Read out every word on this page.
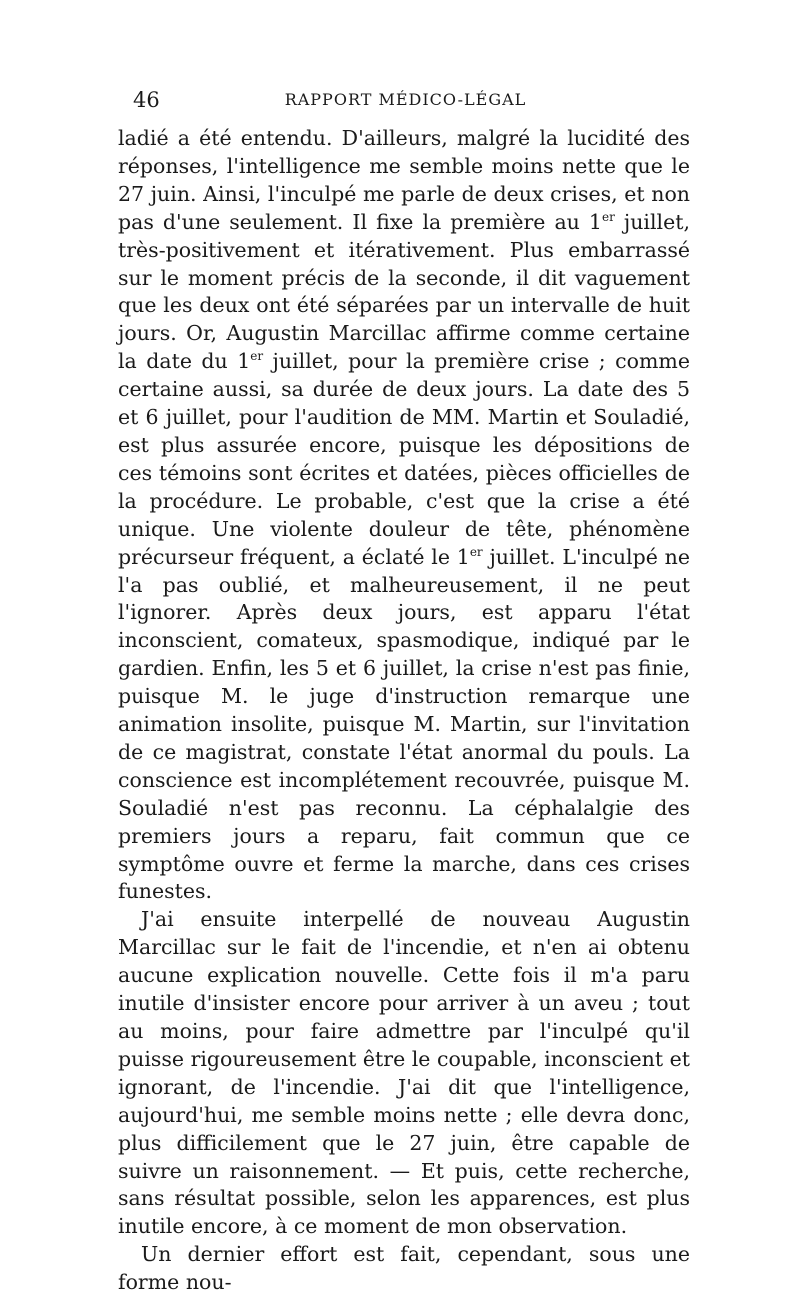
46	RAPPORT MÉDICO-LÉGAL

ladié a été entendu. D'ailleurs, malgré la lucidité des réponses, l'intelligence me semble moins nette que le 27 juin. Ainsi, l'inculpé me parle de deux crises, et non pas d'une seulement. Il fixe la première au 1er juillet, très-positivement et itérativement. Plus embarrassé sur le moment précis de la seconde, il dit vaguement que les deux ont été séparées par un intervalle de huit jours. Or, Augustin Marcillac affirme comme certaine la date du 1er juillet, pour la première crise ; comme certaine aussi, sa durée de deux jours. La date des 5 et 6 juillet, pour l'audition de MM. Martin et Souladié, est plus assurée encore, puisque les dépositions de ces témoins sont écrites et datées, pièces officielles de la procédure. Le probable, c'est que la crise a été unique. Une violente douleur de tête, phénomène précurseur fréquent, a éclaté le 1er juillet. L'inculpé ne l'a pas oublié, et malheureusement, il ne peut l'ignorer. Après deux jours, est apparu l'état inconscient, comateux, spasmodique, indiqué par le gardien. Enfin, les 5 et 6 juillet, la crise n'est pas finie, puisque M. le juge d'instruction remarque une animation insolite, puisque M. Martin, sur l'invitation de ce magistrat, constate l'état anormal du pouls. La conscience est incomplétement recouvrée, puisque M. Souladié n'est pas reconnu. La céphalalgie des premiers jours a reparu, fait commun que ce symptôme ouvre et ferme la marche, dans ces crises funestes.

J'ai ensuite interpellé de nouveau Augustin Marcillac sur le fait de l'incendie, et n'en ai obtenu aucune explication nouvelle. Cette fois il m'a paru inutile d'insister encore pour arriver à un aveu ; tout au moins, pour faire admettre par l'inculpé qu'il puisse rigoureusement être le coupable, inconscient et ignorant, de l'incendie. J'ai dit que l'intelligence, aujourd'hui, me semble moins nette ; elle devra donc, plus difficilement que le 27 juin, être capable de suivre un raisonnement. — Et puis, cette recherche, sans résultat possible, selon les apparences, est plus inutile encore, à ce moment de mon observation.

Un dernier effort est fait, cependant, sous une forme nou-
